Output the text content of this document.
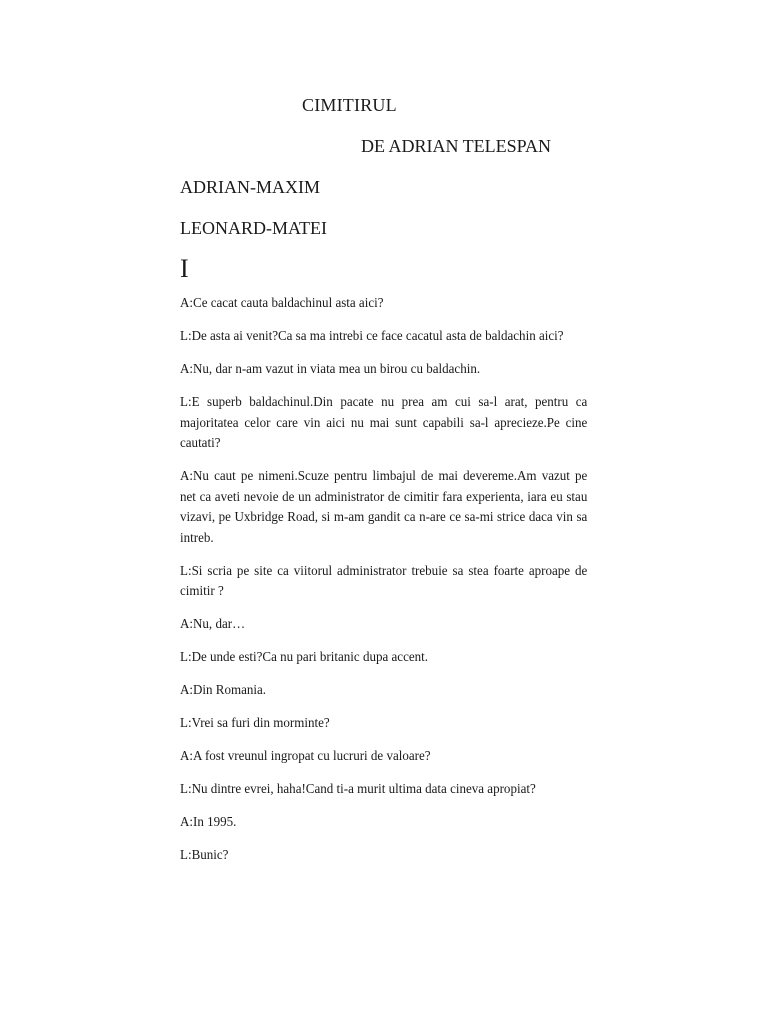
CIMITIRUL
DE ADRIAN TELESPAN
ADRIAN-MAXIM
LEONARD-MATEI
I

A:Ce cacat cauta baldachinul asta aici?

L:De asta ai venit?Ca sa ma intrebi ce face cacatul asta de baldachin aici?

A:Nu, dar n-am vazut in viata mea un birou cu baldachin.

L:E superb baldachinul.Din pacate nu prea am cui sa-l arat, pentru ca majoritatea celor care vin aici nu mai sunt capabili sa-l aprecieze.Pe cine cautati?

A:Nu caut pe nimeni.Scuze pentru limbajul de mai devereme.Am vazut pe net ca aveti nevoie de un administrator de cimitir fara experienta, iara eu stau vizavi, pe Uxbridge Road, si m-am gandit ca n-are ce sa-mi strice daca vin sa intreb.

L:Si scria pe site ca viitorul administrator trebuie sa stea foarte aproape de cimitir ?

A:Nu, dar…

L:De unde esti?Ca nu pari britanic dupa accent.

A:Din Romania.

L:Vrei sa furi din morminte?

A:A fost vreunul ingropat cu lucruri de valoare?

L:Nu dintre evrei, haha!Cand ti-a murit ultima data cineva apropiat?

A:In 1995.

L:Bunic?
